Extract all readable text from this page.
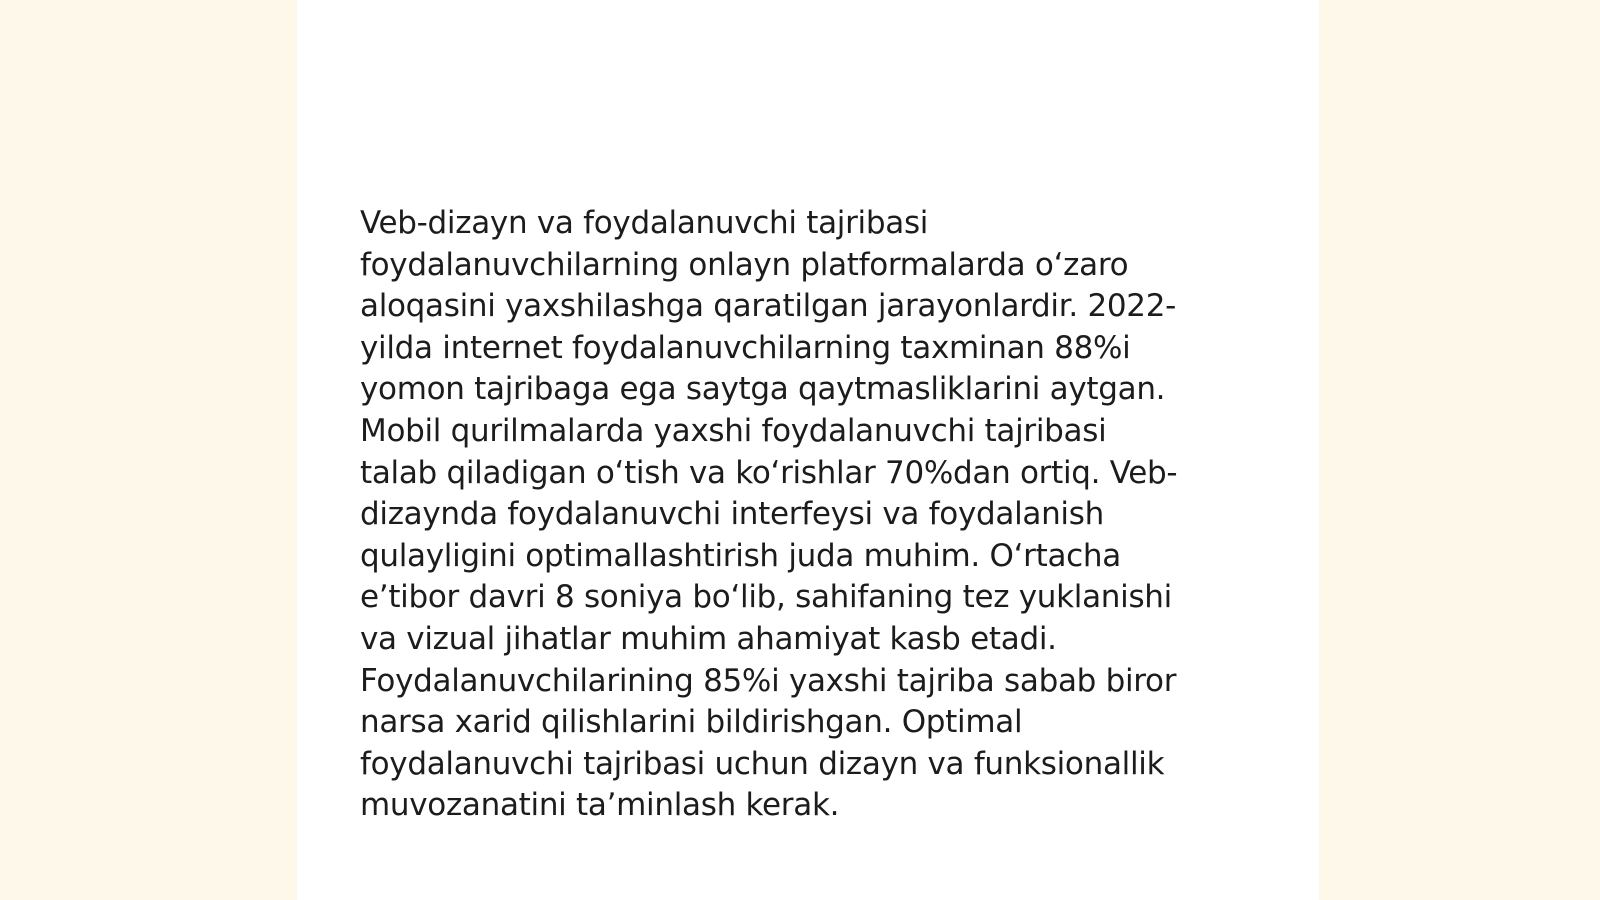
Veb-dizayn va foydalanuvchi tajribasi
foydalanuvchilarning onlayn platformalarda oʻzaro
aloqasini yaxshilashga qaratilgan jarayonlardir. 2022-
yilda internet foydalanuvchilarning taxminan 88%i
yomon tajribaga ega saytga qaytmasliklarini aytgan.
Mobil qurilmalarda yaxshi foydalanuvchi tajribasi
talab qiladigan oʻtish va koʻrishlar 70%dan ortiq. Veb-
dizaynda foydalanuvchi interfeysi va foydalanish
qulayligini optimallashtirish juda muhim. Oʻrtacha
eʼtibor davri 8 soniya boʻlib, sahifaning tez yuklanishi
va vizual jihatlar muhim ahamiyat kasb etadi.
Foydalanuvchilarining 85%i yaxshi tajriba sabab biror
narsa xarid qilishlarini bildirishgan. Optimal
foydalanuvchi tajribasi uchun dizayn va funksionallik
muvozanatini taʼminlash kerak.
